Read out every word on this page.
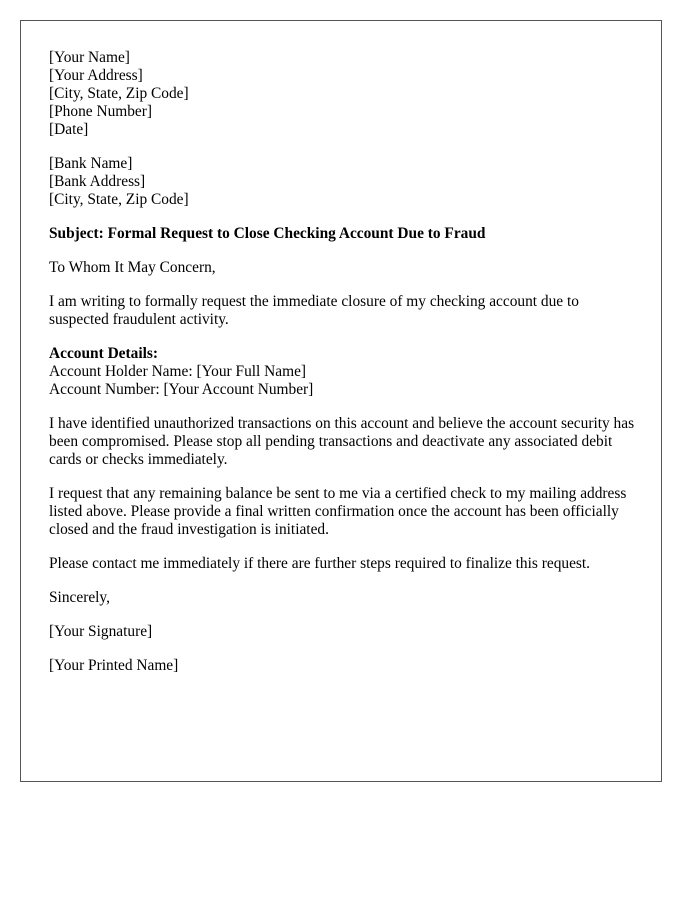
[Your Name]
[Your Address]
[City, State, Zip Code]
[Phone Number]
[Date]
[Bank Name]
[Bank Address]
[City, State, Zip Code]

Subject: Formal Request to Close Checking Account Due to Fraud

To Whom It May Concern,

I am writing to formally request the immediate closure of my checking account due to suspected fraudulent activity.

Account Details:
Account Holder Name: [Your Full Name]
Account Number: [Your Account Number]

I have identified unauthorized transactions on this account and believe the account security has been compromised. Please stop all pending transactions and deactivate any associated debit cards or checks immediately.

I request that any remaining balance be sent to me via a certified check to my mailing address listed above. Please provide a final written confirmation once the account has been officially closed and the fraud investigation is initiated.

Please contact me immediately if there are further steps required to finalize this request.

Sincerely,

[Your Signature]

[Your Printed Name]
